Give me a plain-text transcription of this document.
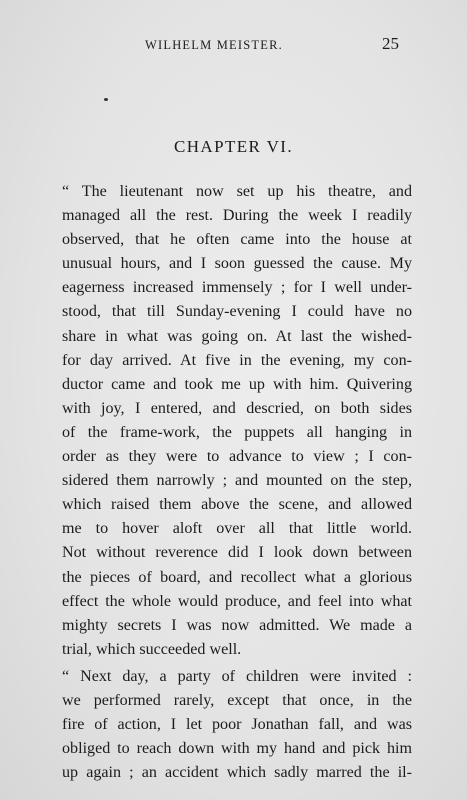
WILHELM MEISTER.	25
CHAPTER VI.
“ The lieutenant now set up his theatre, and
managed all the rest. During the week I readily
observed, that he often came into the house at
unusual hours, and I soon guessed the cause. My
eagerness increased immensely ; for I well under-
stood, that till Sunday-evening I could have no
share in what was going on. At last the wished-
for day arrived. At five in the evening, my con-
ductor came and took me up with him. Quivering
with joy, I entered, and descried, on both sides
of the frame-work, the puppets all hanging in
order as they were to advance to view ; I con-
sidered them narrowly ; and mounted on the step,
which raised them above the scene, and allowed
me to hover aloft over all that little world.
Not without reverence did I look down between
the pieces of board, and recollect what a glorious
effect the whole would produce, and feel into what
mighty secrets I was now admitted. We made a
trial, which succeeded well.
“ Next day, a party of children were invited :
we performed rarely, except that once, in the
fire of action, I let poor Jonathan fall, and was
obliged to reach down with my hand and pick him
up again ; an accident which sadly marred the il-
